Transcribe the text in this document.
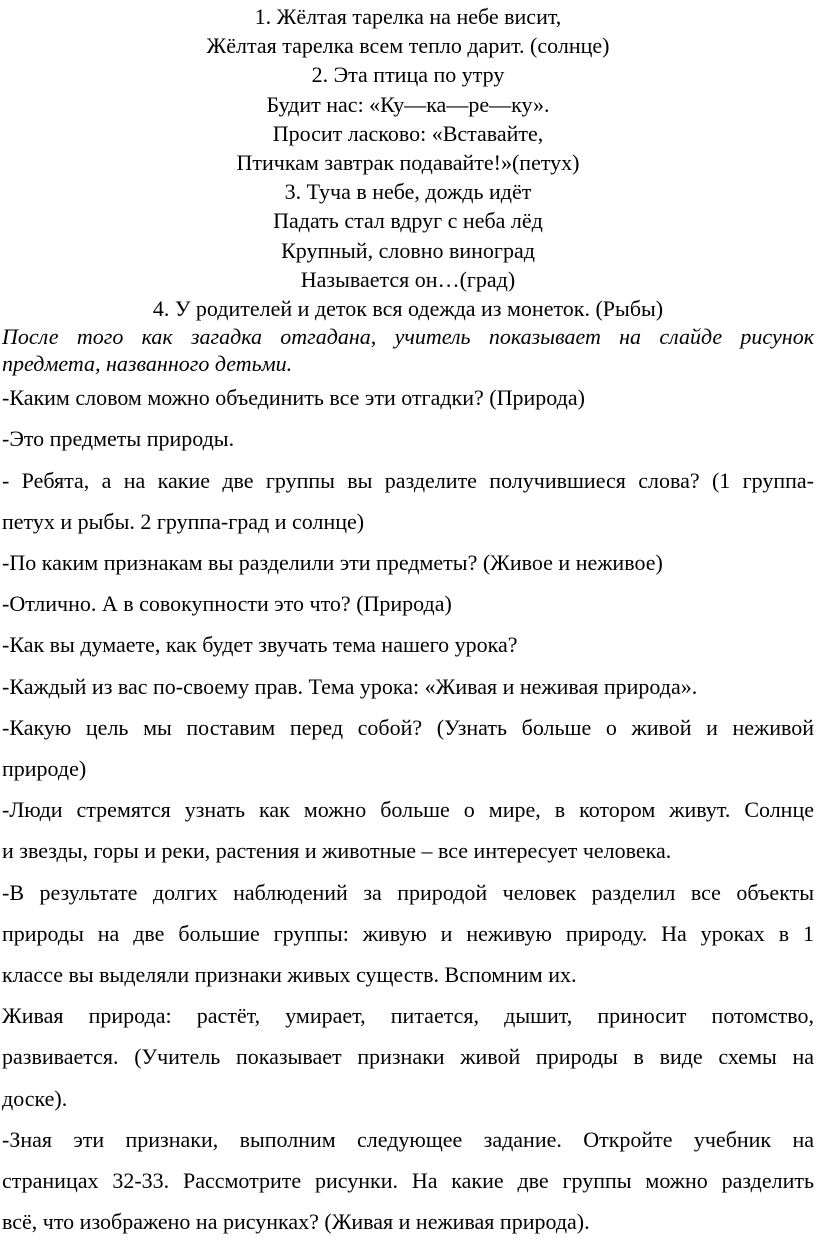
1. Жёлтая тарелка на небе висит,
Жёлтая тарелка всем тепло дарит. (солнце)
2. Эта птица по утру
Будит нас: «Ку—ка—ре—ку».
Просит ласково: «Вставайте,
Птичкам завтрак подавайте!»(петух)
3. Туча в небе, дождь идёт
Падать стал вдруг с неба лёд
Крупный, словно виноград
Называется он…(град)
4. У родителей и деток вся одежда из монеток. (Рыбы)
После того как загадка отгадана, учитель показывает на слайде рисунок
предмета, названного детьми.
-Каким словом можно объединить все эти отгадки? (Природа)
-Это предметы природы.
- Ребята, а на какие две группы вы разделите получившиеся слова? (1 группа-
петух и рыбы. 2 группа-град и солнце)
-По каким признакам вы разделили эти предметы? (Живое и неживое)
-Отлично. А в совокупности это что? (Природа)
-Как вы думаете, как будет звучать тема нашего урока?
-Каждый из вас по-своему прав. Тема урока: «Живая и неживая природа».
-Какую цель мы поставим перед собой? (Узнать больше о живой и неживой
природе)
-Люди стремятся узнать как можно больше о мире, в котором живут. Солнце
и звезды, горы и реки, растения и животные – все интересует человека.
-В результате долгих наблюдений за природой человек разделил все объекты
природы на две большие группы: живую и неживую природу. На уроках в 1
классе вы выделяли признаки живых существ. Вспомним их.
Живая природа: растёт, умирает, питается, дышит, приносит потомство,
развивается. (Учитель показывает признаки живой природы в виде схемы на
доске).
-Зная эти признаки, выполним следующее задание. Откройте учебник на
страницах 32-33. Рассмотрите рисунки. На какие две группы можно разделить
всё, что изображено на рисунках? (Живая и неживая природа).
